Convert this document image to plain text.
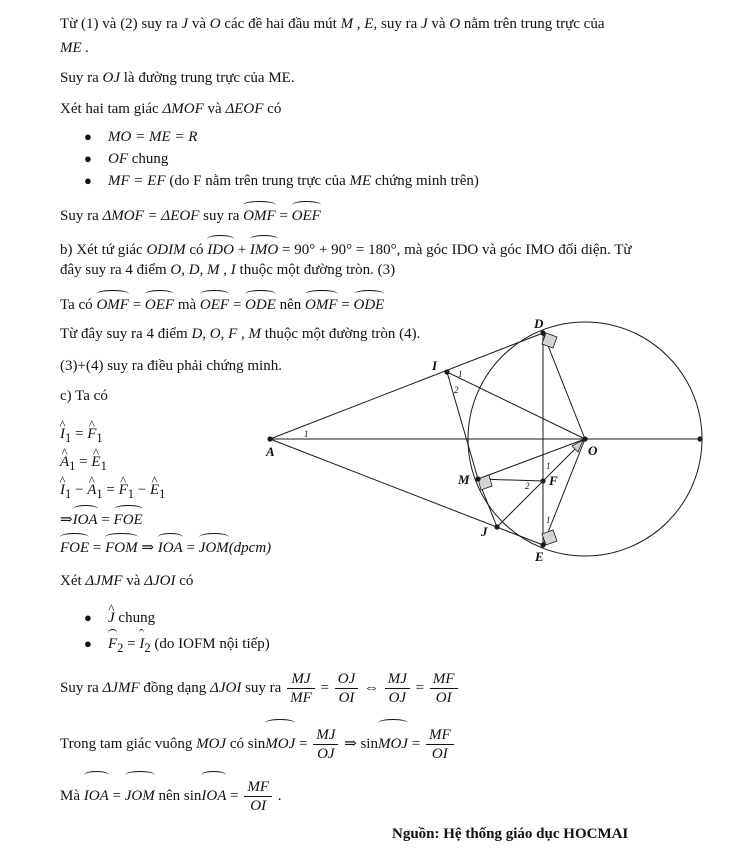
Từ (1) và (2) suy ra J và O các đề hai đầu mút M , E, suy ra J và O nằm trên trung trực của
ME .
Suy ra OJ là đường trung trực của ME.
Xét hai tam giác ΔMOF và ΔEOF có
● MO = ME = R
● OF chung
● MF = EF (do F nằm trên trung trực của ME chứng minh trên)
Suy ra ΔMOF = ΔEOF suy ra OMF = OEF
b) Xét tứ giác ODIM có IDO + IMO = 90° + 90° = 180°, mà góc IDO và góc IMO đối diện. Từ
đây suy ra 4 điểm O, D, M , I thuộc một đường tròn. (3)
Ta có OMF = OEF mà OEF = ODE nên OMF = ODE
Từ đây suy ra 4 điểm D, O, F , M thuộc một đường tròn (4).
(3)+(4) suy ra điều phải chứng minh.
c) Ta có
^ $I_1$ = ^ $F_1$
^ $A_1$ = ^ $E_1$
^ $I_1$ − ^ $A_1$ = ^ $F_1$ − ^ $E_1$
⇒IOA = FOE
FOE = FOM ⇒ IOA = JOM(dpcm)
Xét ΔJMF và ΔJOI có
●
^ J chung
● $F_2 = I_2$ (do IOFM nội tiếp)
Suy ra ΔJMF đồng dạng ΔJOI suy ra $\frac{MJ}{MF} = \frac{OJ}{OI}$ ⇔ $\frac{MJ}{OJ} = \frac{MF}{OI}$
Trong tam giác vuông MOJ có sinMOJ = $\frac{MJ}{OJ}$ ⇒ sinMOJ = $\frac{MF}{OI}$
Mà IOA = JOM nên sinIOA = $\frac{MF}{OI}$ .
Nguồn: Hệ thống giáo dục HOCMAI
A
I
D
O
M	F
J
E
1
1
2
1
2
1
